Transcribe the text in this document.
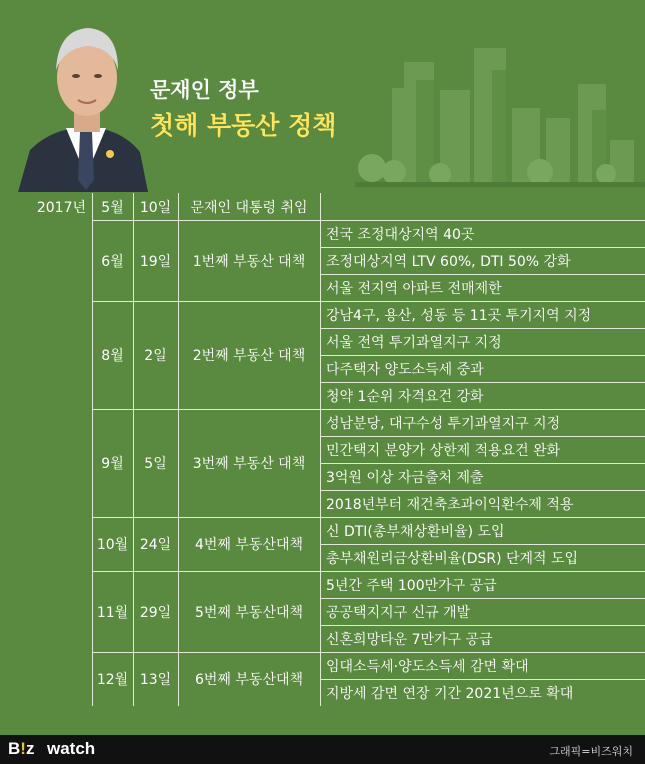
문재인 정부
첫해 부동산 정책
2017년	5월	10일	문재인 대통령 취임
6월	19일	1번째 부동산 대책
전국 조정대상지역 40곳
조정대상지역 LTV 60%, DTI 50% 강화
서울 전지역 아파트 전매제한
8월	2일	2번째 부동산 대책
강남4구, 용산, 성동 등 11곳 투기지역 지정
서울 전역 투기과열지구 지정
다주택자 양도소득세 중과
청약 1순위 자격요건 강화
9월	5일	3번째 부동산 대책
성남분당, 대구수성 투기과열지구 지정
민간택지 분양가 상한제 적용요건 완화
3억원 이상 자금출처 제출
2018년부터 재건축초과이익환수제 적용
10월 24일	4번째 부동산대책
신 DTI(총부채상환비율) 도입
총부채원리금상환비율(DSR) 단계적 도입
11월 29일	5번째 부동산대책
5년간 주택 100만가구 공급
공공택지지구 신규 개발
신혼희망타운 7만가구 공급
12월 13일	6번째 부동산대책
임대소득세·양도소득세 감면 확대
지방세 감면 연장 기간 2021년으로 확대
B!z watch	그래픽=비즈워치
